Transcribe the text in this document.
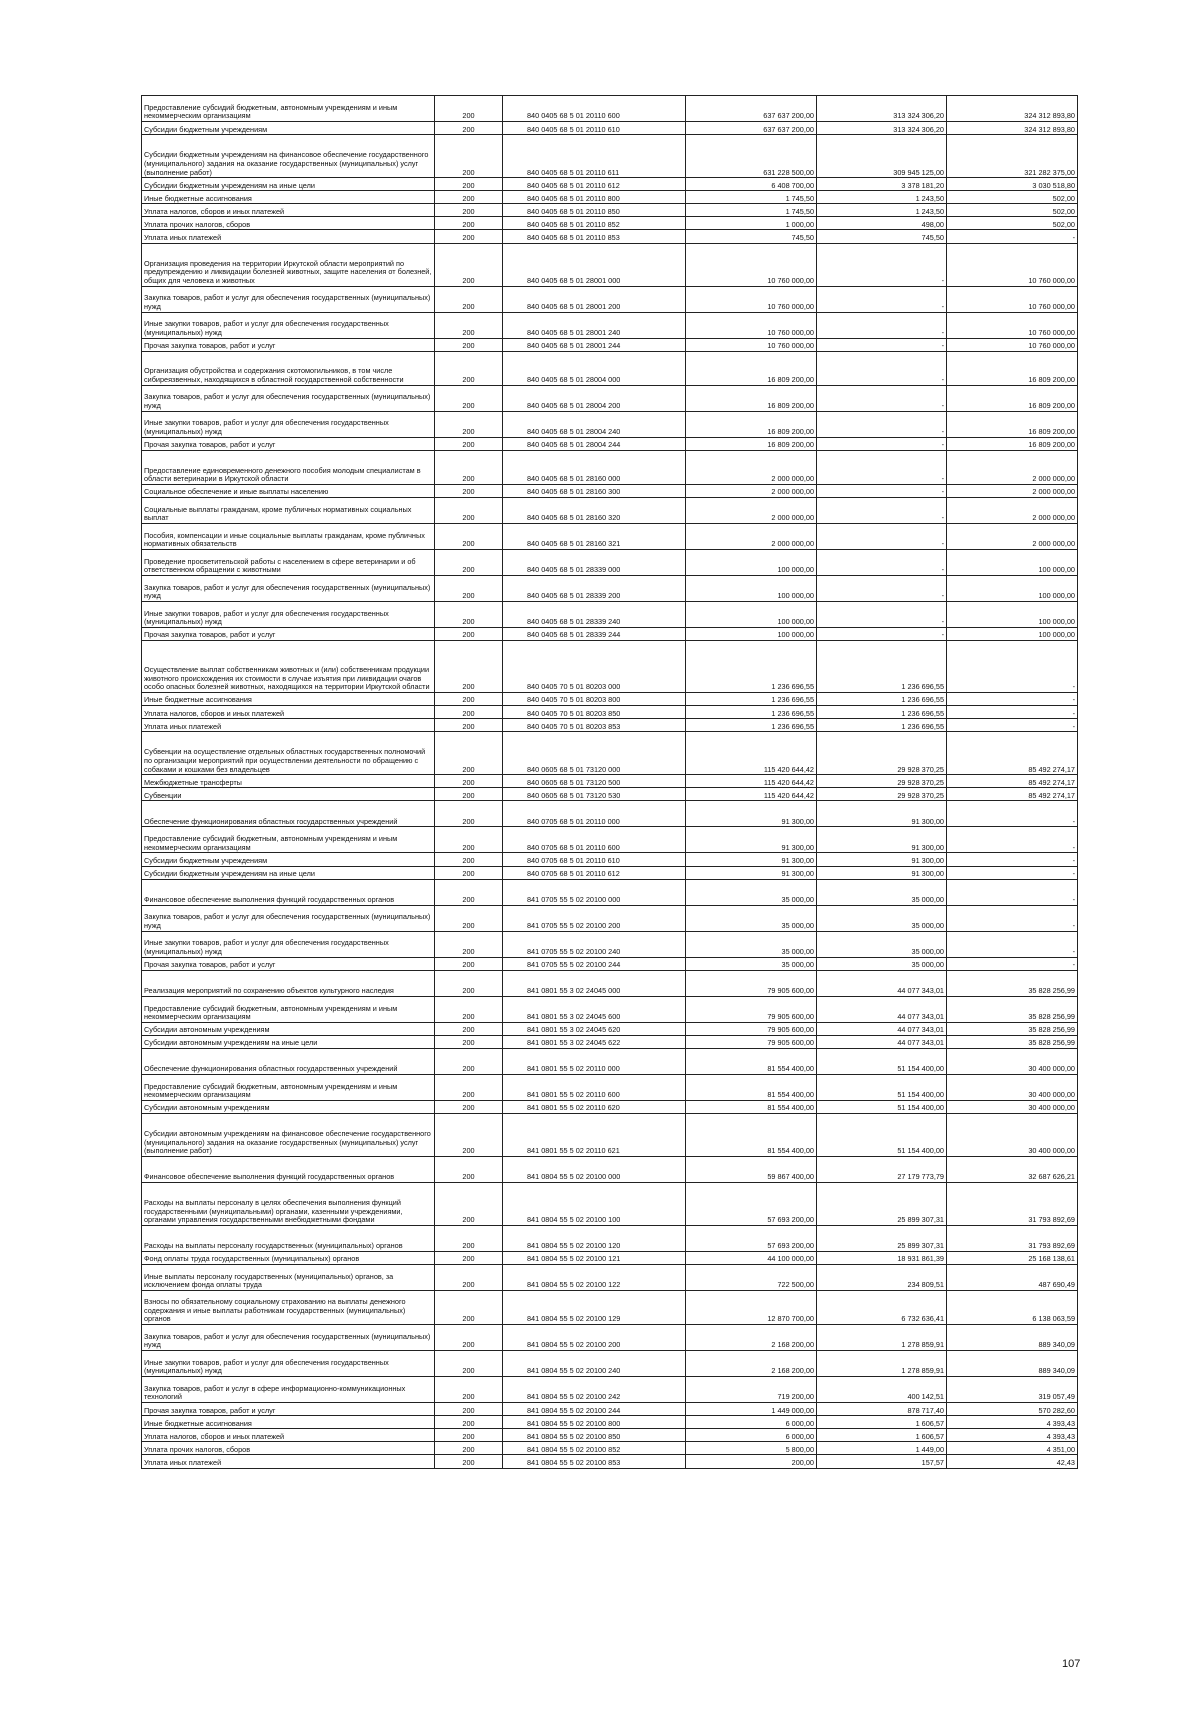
Предоставление субсидий бюджетным, автономным учреждениям и иным некоммерческим организациям	200	840 0405 68 5 01 20110 600	637 637 200,00	313 324 306,20	324 312 893,80
Субсидии бюджетным учреждениям	200	840 0405 68 5 01 20110 610	637 637 200,00	313 324 306,20	324 312 893,80
Субсидии бюджетным учреждениям на финансовое обеспечение государственного (муниципального) задания на оказание государственных (муниципальных) услуг (выполнение работ)	200	840 0405 68 5 01 20110 611	631 228 500,00	309 945 125,00	321 282 375,00
Субсидии бюджетным учреждениям на иные цели	200	840 0405 68 5 01 20110 612	6 408 700,00	3 378 181,20	3 030 518,80
Иные бюджетные ассигнования	200	840 0405 68 5 01 20110 800	1 745,50	1 243,50	502,00
Уплата налогов, сборов и иных платежей	200	840 0405 68 5 01 20110 850	1 745,50	1 243,50	502,00
Уплата прочих налогов, сборов	200	840 0405 68 5 01 20110 852	1 000,00	498,00	502,00
Уплата иных платежей	200	840 0405 68 5 01 20110 853	745,50	745,50	-
Организация проведения на территории Иркутской области мероприятий по предупреждению и ликвидации болезней животных, защите населения от болезней, общих для человека и животных	200	840 0405 68 5 01 28001 000	10 760 000,00	-	10 760 000,00
Закупка товаров, работ и услуг для обеспечения государственных (муниципальных) нужд	200	840 0405 68 5 01 28001 200	10 760 000,00	-	10 760 000,00
Иные закупки товаров, работ и услуг для обеспечения государственных (муниципальных) нужд	200	840 0405 68 5 01 28001 240	10 760 000,00	-	10 760 000,00
Прочая закупка товаров, работ и услуг	200	840 0405 68 5 01 28001 244	10 760 000,00	-	10 760 000,00
Организация обустройства и содержания скотомогильников, в том числе сибиреязвенных, находящихся в областной государственной собственности	200	840 0405 68 5 01 28004 000	16 809 200,00	-	16 809 200,00
Закупка товаров, работ и услуг для обеспечения государственных (муниципальных) нужд	200	840 0405 68 5 01 28004 200	16 809 200,00	-	16 809 200,00
Иные закупки товаров, работ и услуг для обеспечения государственных (муниципальных) нужд	200	840 0405 68 5 01 28004 240	16 809 200,00	-	16 809 200,00
Прочая закупка товаров, работ и услуг	200	840 0405 68 5 01 28004 244	16 809 200,00	-	16 809 200,00
Предоставление единовременного денежного пособия молодым специалистам в области ветеринарии в Иркутской области	200	840 0405 68 5 01 28160 000	2 000 000,00	-	2 000 000,00
Социальное обеспечение и иные выплаты населению	200	840 0405 68 5 01 28160 300	2 000 000,00	-	2 000 000,00
Социальные выплаты гражданам, кроме публичных нормативных социальных выплат	200	840 0405 68 5 01 28160 320	2 000 000,00	-	2 000 000,00
Пособия, компенсации и иные социальные выплаты гражданам, кроме публичных нормативных обязательств	200	840 0405 68 5 01 28160 321	2 000 000,00	-	2 000 000,00
Проведение просветительской работы с населением в сфере ветеринарии и об ответственном обращении с животными	200	840 0405 68 5 01 28339 000	100 000,00	-	100 000,00
Закупка товаров, работ и услуг для обеспечения государственных (муниципальных) нужд	200	840 0405 68 5 01 28339 200	100 000,00	-	100 000,00
Иные закупки товаров, работ и услуг для обеспечения государственных (муниципальных) нужд	200	840 0405 68 5 01 28339 240	100 000,00	-	100 000,00
Прочая закупка товаров, работ и услуг	200	840 0405 68 5 01 28339 244	100 000,00	-	100 000,00
Осуществление выплат собственникам животных и (или) собственникам продукции животного происхождения их стоимости в случае изъятия при ликвидации очагов особо опасных болезней животных, находящихся на территории Иркутской области	200	840 0405 70 5 01 80203 000	1 236 696,55	1 236 696,55	-
Иные бюджетные ассигнования	200	840 0405 70 5 01 80203 800	1 236 696,55	1 236 696,55	-
Уплата налогов, сборов и иных платежей	200	840 0405 70 5 01 80203 850	1 236 696,55	1 236 696,55	-
Уплата иных платежей	200	840 0405 70 5 01 80203 853	1 236 696,55	1 236 696,55	-
Субвенции на осуществление отдельных областных государственных полномочий по организации мероприятий при осуществлении деятельности по обращению с собаками и кошками без владельцев	200	840 0605 68 5 01 73120 000	115 420 644,42	29 928 370,25	85 492 274,17
Межбюджетные трансферты	200	840 0605 68 5 01 73120 500	115 420 644,42	29 928 370,25	85 492 274,17
Субвенции	200	840 0605 68 5 01 73120 530	115 420 644,42	29 928 370,25	85 492 274,17
Обеспечение функционирования областных государственных учреждений	200	840 0705 68 5 01 20110 000	91 300,00	91 300,00	-
Предоставление субсидий бюджетным, автономным учреждениям и иным некоммерческим организациям	200	840 0705 68 5 01 20110 600	91 300,00	91 300,00	-
Субсидии бюджетным учреждениям	200	840 0705 68 5 01 20110 610	91 300,00	91 300,00	-
Субсидии бюджетным учреждениям на иные цели	200	840 0705 68 5 01 20110 612	91 300,00	91 300,00	-
Финансовое обеспечение выполнения функций государственных органов	200	841 0705 55 5 02 20100 000	35 000,00	35 000,00	-
Закупка товаров, работ и услуг для обеспечения государственных (муниципальных) нужд	200	841 0705 55 5 02 20100 200	35 000,00	35 000,00	-
Иные закупки товаров, работ и услуг для обеспечения государственных (муниципальных) нужд	200	841 0705 55 5 02 20100 240	35 000,00	35 000,00	-
Прочая закупка товаров, работ и услуг	200	841 0705 55 5 02 20100 244	35 000,00	35 000,00	-
Реализация мероприятий по сохранению объектов культурного наследия	200	841 0801 55 3 02 24045 000	79 905 600,00	44 077 343,01	35 828 256,99
Предоставление субсидий бюджетным, автономным учреждениям и иным некоммерческим организациям	200	841 0801 55 3 02 24045 600	79 905 600,00	44 077 343,01	35 828 256,99
Субсидии автономным учреждениям	200	841 0801 55 3 02 24045 620	79 905 600,00	44 077 343,01	35 828 256,99
Субсидии автономным учреждениям на иные цели	200	841 0801 55 3 02 24045 622	79 905 600,00	44 077 343,01	35 828 256,99
Обеспечение функционирования областных государственных учреждений	200	841 0801 55 5 02 20110 000	81 554 400,00	51 154 400,00	30 400 000,00
Предоставление субсидий бюджетным, автономным учреждениям и иным некоммерческим организациям	200	841 0801 55 5 02 20110 600	81 554 400,00	51 154 400,00	30 400 000,00
Субсидии автономным учреждениям	200	841 0801 55 5 02 20110 620	81 554 400,00	51 154 400,00	30 400 000,00
Субсидии автономным учреждениям на финансовое обеспечение государственного (муниципального) задания на оказание государственных (муниципальных) услуг (выполнение работ)	200	841 0801 55 5 02 20110 621	81 554 400,00	51 154 400,00	30 400 000,00
Финансовое обеспечение выполнения функций государственных органов	200	841 0804 55 5 02 20100 000	59 867 400,00	27 179 773,79	32 687 626,21
Расходы на выплаты персоналу в целях обеспечения выполнения функций государственными (муниципальными) органами, казенными учреждениями, органами управления государственными внебюджетными фондами	200	841 0804 55 5 02 20100 100	57 693 200,00	25 899 307,31	31 793 892,69
Расходы на выплаты персоналу государственных (муниципальных) органов	200	841 0804 55 5 02 20100 120	57 693 200,00	25 899 307,31	31 793 892,69
Фонд оплаты труда государственных (муниципальных) органов	200	841 0804 55 5 02 20100 121	44 100 000,00	18 931 861,39	25 168 138,61
Иные выплаты персоналу государственных (муниципальных) органов, за исключением фонда оплаты труда	200	841 0804 55 5 02 20100 122	722 500,00	234 809,51	487 690,49
Взносы по обязательному социальному страхованию на выплаты денежного содержания и иные выплаты работникам государственных (муниципальных) органов	200	841 0804 55 5 02 20100 129	12 870 700,00	6 732 636,41	6 138 063,59
Закупка товаров, работ и услуг для обеспечения государственных (муниципальных) нужд	200	841 0804 55 5 02 20100 200	2 168 200,00	1 278 859,91	889 340,09
Иные закупки товаров, работ и услуг для обеспечения государственных (муниципальных) нужд	200	841 0804 55 5 02 20100 240	2 168 200,00	1 278 859,91	889 340,09
Закупка товаров, работ и услуг в сфере информационно-коммуникационных технологий	200	841 0804 55 5 02 20100 242	719 200,00	400 142,51	319 057,49
Прочая закупка товаров, работ и услуг	200	841 0804 55 5 02 20100 244	1 449 000,00	878 717,40	570 282,60
Иные бюджетные ассигнования	200	841 0804 55 5 02 20100 800	6 000,00	1 606,57	4 393,43
Уплата налогов, сборов и иных платежей	200	841 0804 55 5 02 20100 850	6 000,00	1 606,57	4 393,43
Уплата прочих налогов, сборов	200	841 0804 55 5 02 20100 852	5 800,00	1 449,00	4 351,00
Уплата иных платежей	200	841 0804 55 5 02 20100 853	200,00	157,57	42,43
107
